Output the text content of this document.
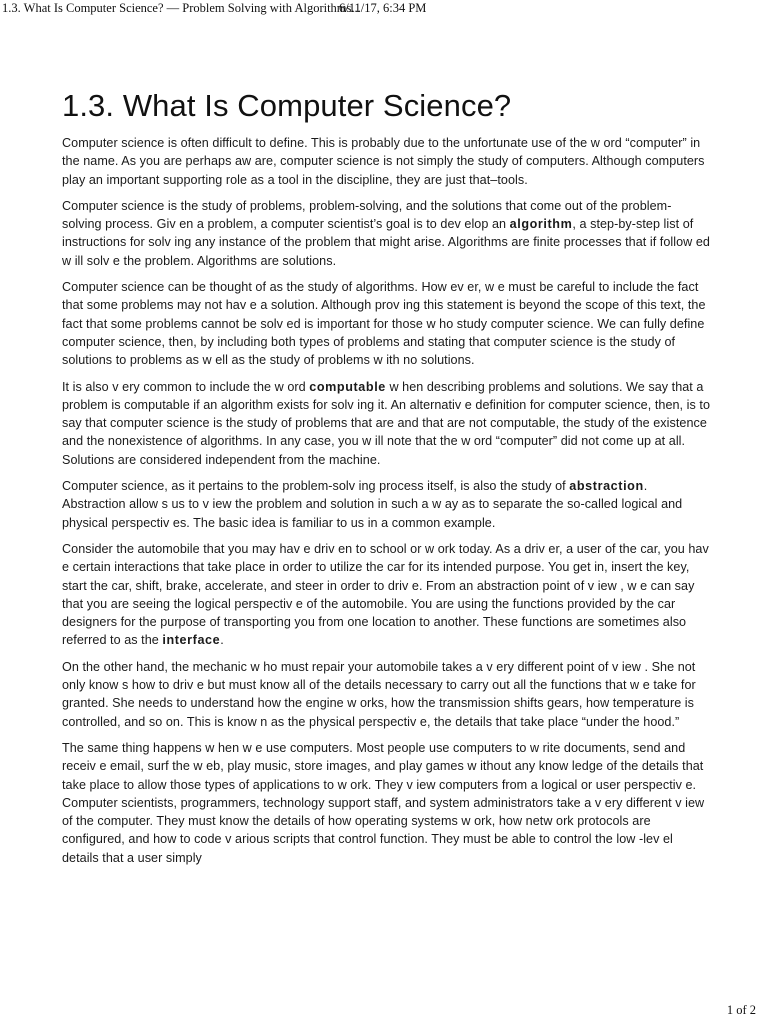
1.3. What Is Computer Science? — Problem Solving with Algorithms...
6/11/17, 6:34 PM
1.3. What Is Computer Science?

Computer science is often difficult to define. This is probably due to the unfortunate use of the w ord “computer” in the name. As you are perhaps aw are, computer science is not simply the study of computers. Although computers play an important supporting role as a tool in the discipline, they are just that–tools.

Computer science is the study of problems, problem-solving, and the solutions that come out of the problem-solving process. Giv en a problem, a computer scientist’s goal is to dev elop an algorithm, a step-by-step list of instructions for solv ing any instance of the problem that might arise. Algorithms are finite processes that if follow ed w ill solv e the problem. Algorithms are solutions.

Computer science can be thought of as the study of algorithms. How ev er, w e must be careful to include the fact that some problems may not hav e a solution. Although prov ing this statement is beyond the scope of this text, the fact that some problems cannot be solv ed is important for those w ho study computer science. We can fully define computer science, then, by including both types of problems and stating that computer science is the study of solutions to problems as w ell as the study of problems w ith no solutions.

It is also v ery common to include the w ord computable w hen describing problems and solutions. We say that a problem is computable if an algorithm exists for solv ing it. An alternativ e definition for computer science, then, is to say that computer science is the study of problems that are and that are not computable, the study of the existence and the nonexistence of algorithms. In any case, you w ill note that the w ord “computer” did not come up at all. Solutions are considered independent from the machine.

Computer science, as it pertains to the problem-solv ing process itself, is also the study of abstraction. Abstraction allow s us to v iew the problem and solution in such a w ay as to separate the so-called logical and physical perspectiv es. The basic idea is familiar to us in a common example.

Consider the automobile that you may hav e driv en to school or w ork today. As a driv er, a user of the car, you hav e certain interactions that take place in order to utilize the car for its intended purpose. You get in, insert the key, start the car, shift, brake, accelerate, and steer in order to driv e. From an abstraction point of v iew , w e can say that you are seeing the logical perspectiv e of the automobile. You are using the functions provided by the car designers for the purpose of transporting you from one location to another. These functions are sometimes also referred to as the interface.

On the other hand, the mechanic w ho must repair your automobile takes a v ery different point of v iew . She not only know s how to driv e but must know all of the details necessary to carry out all the functions that w e take for granted. She needs to understand how the engine w orks, how the transmission shifts gears, how temperature is controlled, and so on. This is know n as the physical perspectiv e, the details that take place “under the hood.”

The same thing happens w hen w e use computers. Most people use computers to w rite documents, send and receiv e email, surf the w eb, play music, store images, and play games w ithout any know ledge of the details that take place to allow those types of applications to w ork. They v iew computers from a logical or user perspectiv e. Computer scientists, programmers, technology support staff, and system administrators take a v ery different v iew of the computer. They must know the details of how operating systems w ork, how netw ork protocols are configured, and how to code v arious scripts that control function. They must be able to control the low -lev el details that a user simply

1 of 2
